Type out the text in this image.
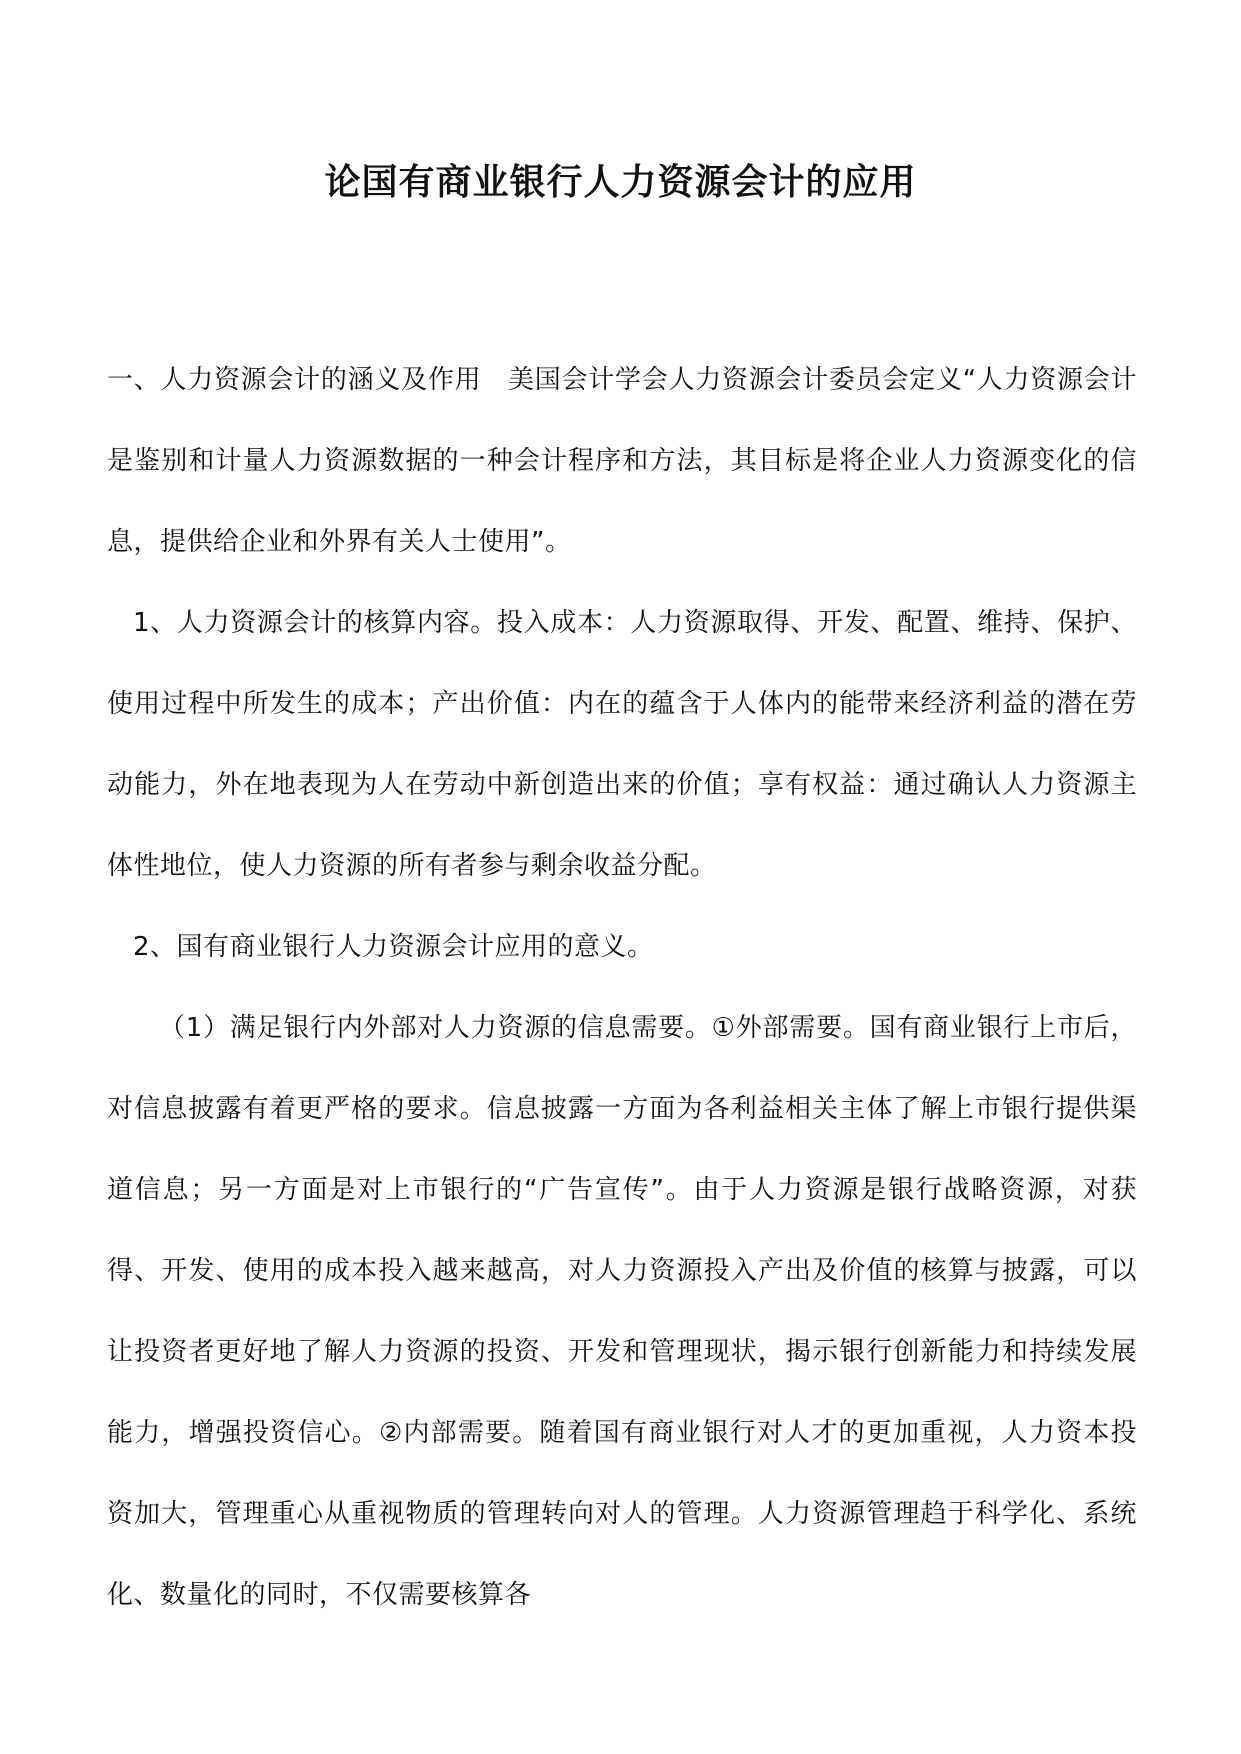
论国有商业银行人力资源会计的应用

一、人力资源会计的涵义及作用　美国会计学会人力资源会计委员会定义“人力资源会计是鉴别和计量人力资源数据的一种会计程序和方法，其目标是将企业人力资源变化的信息，提供给企业和外界有关人士使用”。

1、人力资源会计的核算内容。投入成本：人力资源取得、开发、配置、维持、保护、使用过程中所发生的成本；产出价值：内在的蕴含于人体内的能带来经济利益的潜在劳动能力，外在地表现为人在劳动中新创造出来的价值；享有权益：通过确认人力资源主体性地位，使人力资源的所有者参与剩余收益分配。

2、国有商业银行人力资源会计应用的意义。

（1）满足银行内外部对人力资源的信息需要。①外部需要。国有商业银行上市后，对信息披露有着更严格的要求。信息披露一方面为各利益相关主体了解上市银行提供渠道信息；另一方面是对上市银行的“广告宣传”。由于人力资源是银行战略资源，对获得、开发、使用的成本投入越来越高，对人力资源投入产出及价值的核算与披露，可以让投资者更好地了解人力资源的投资、开发和管理现状，揭示银行创新能力和持续发展能力，增强投资信心。②内部需要。随着国有商业银行对人才的更加重视，人力资本投资加大，管理重心从重视物质的管理转向对人的管理。人力资源管理趋于科学化、系统化、数量化的同时，不仅需要核算各
